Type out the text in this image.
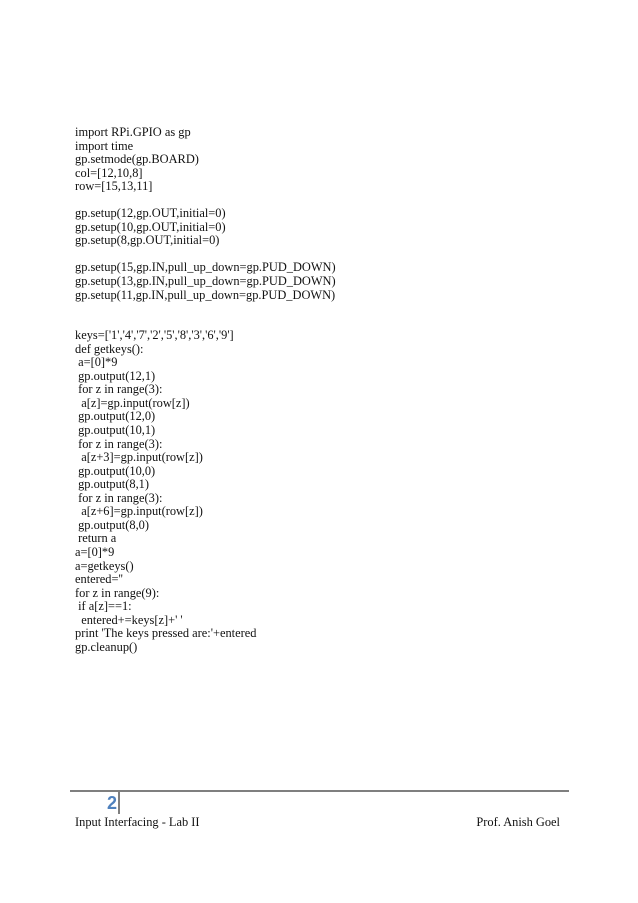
import RPi.GPIO as gp
import time
gp.setmode(gp.BOARD)
col=[12,10,8]
row=[15,13,11]
gp.setup(12,gp.OUT,initial=0)
gp.setup(10,gp.OUT,initial=0)
gp.setup(8,gp.OUT,initial=0)
gp.setup(15,gp.IN,pull_up_down=gp.PUD_DOWN)
gp.setup(13,gp.IN,pull_up_down=gp.PUD_DOWN)
gp.setup(11,gp.IN,pull_up_down=gp.PUD_DOWN)
keys=['1','4','7','2','5','8','3','6','9']
def getkeys():
a=[0]*9
gp.output(12,1)
for z in range(3):
a[z]=gp.input(row[z])
gp.output(12,0)
gp.output(10,1)
for z in range(3):
a[z+3]=gp.input(row[z])
gp.output(10,0)
gp.output(8,1)
for z in range(3):
a[z+6]=gp.input(row[z])
gp.output(8,0)
return a
a=[0]*9
a=getkeys()
entered=''
for z in range(9):
if a[z]==1:
entered+=keys[z]+' '
print 'The keys pressed are:'+entered
gp.cleanup()
2
Input Interfacing - Lab II	Prof. Anish Goel
